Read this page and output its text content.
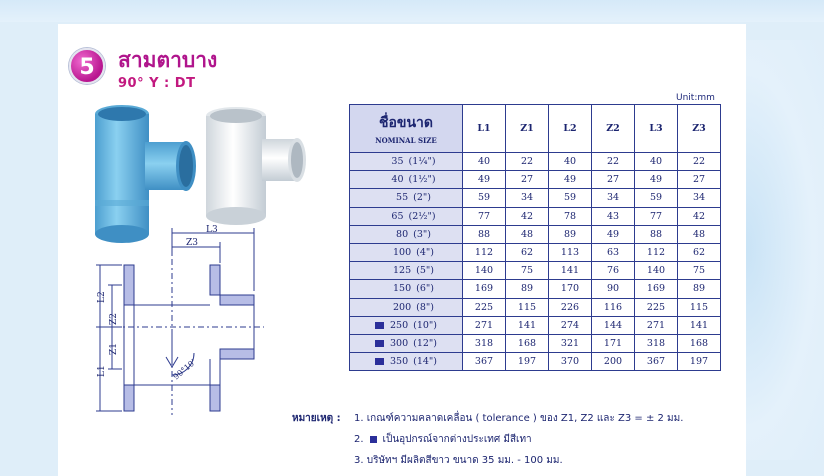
5	สามตาบาง
90° Y : DT
L3
Z3
L2
Z2
Z1
L1	90°10'
Unit:mm
ชื่อขนาด
NOMINAL SIZE	L1	Z1	L2	Z2	L3	Z3
35 (1¼")	40	22	40	22	40	22
40 (1½")	49	27	49	27	49	27
55 (2")	59	34	59	34	59	34
65 (2½")	77	42	78	43	77	42
80 (3")	88	48	89	49	88	48
100 (4")	112	62	113	63	112	62
125 (5")	140	75	141	76	140	75
150 (6")	169	89	170	90	169	89
200 (8")	225	115	226	116	225	115
250 (10")	271	141	274	144	271	141
300 (12")	318	168	321	171	318	168
350 (14")	367	197	370	200	367	197
หมายเหตุ : 1. เกณฑ์ความคลาดเคลื่อน ( tolerance ) ของ Z1, Z2 และ Z3 = ± 2 มม.
2. เป็นอุปกรณ์จากต่างประเทศ มีสีเทา
3. บริษัทฯ มีผลิตสีขาว ขนาด 35 มม. - 100 มม.
